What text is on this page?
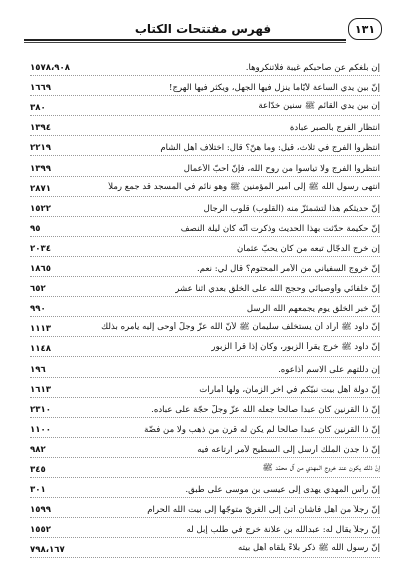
فهرس مفتتحات الكتاب	١٣١
إن بلغكم عن صاحبكم غيبة فلاتنكروها.
١٥٧٨،٩٠٨
إنّ بين يدي الساعة لأيّاماً ينزل فيها الجهل، ويكثر فيها الهرج!
١٦٦٩
إن بين يدي القائم ﷺ سنين خدّاعة
٣٨٠
انتظار الفرج بالصبر عبادة
١٣٩٤
انتظروا الفرج في ثلاث، قيل: وما هنّ؟ قال: اختلاف أهل الشام
٢٢١٩
انتظروا الفرج ولا تيأسوا من روح الله، فإنّ أحبّ الأعمال
١٣٩٩
انتهى رسول الله ﷺ إلى أمير المؤمنين ﷺ وهو نائم في المسجد قد جمع رملاً
٢٨٧١
إنّ حديثكم هذا لتشمئزّ منه (القلوب) قلوب الرجال
١٥٢٢
إنّ حكيمة حدّثت بهذا الحديث وذكرت أنّه كان ليلة النصف
٩٥
إن خرج الدجّال تبعه من كان يحبّ عثمان
٢٠٣٤
إنّ خروج السفياني من الأمر المحتوم؟ قال لي: نعم.
١٨٦٥
إنّ خلفائي وأوصيائي وحجج الله على الخلق بعدي اثنا عشر
٦٥٢
إنّ خبر الخلق يوم يجمعهم الله الرسل
٩٩٠
إنّ داود ﷺ أراد أن يستخلف سليمان ﷺ لأنّ الله عزّ وجلّ أوحى إليه يأمره بذلك
١١١٣
إنّ داود ﷺ خرج يقرأ الزبور، وكان إذا قرأ الزبور
١١٤٨
إن دللتهم على الاسم أذاعوه.
١٩٦
إنّ دولة أهل بيت نبيّكم في آخر الزمان، ولها أمارات
١٦١٣
إنّ ذا القرنين كان عبداً صالحاً جعله الله عزّ وجلّ حجّة على عباده.
٢٣١٠
إنّ ذا القرنين كان عبداً صالحاً لم يكن له قرن من ذهب ولا من فضّة
١١٠٠
إنّ ذا جدن الملك أرسل إلى السطيح لأمر ارتاعه فيه
٩٨٢
إنّ ذلك يكون عند خروج المهدي من آل محمّد ﷺ
٣٤٥
إنّ رأس المهدي يهدى إلى عيسى بن موسى على طبق.
٣٠١
إنّ رجلاً من أهل فاشان أتىٰ إلى الغريّ متوجّهاً إلى بيت الله الحرام
١٥٩٩
إنّ رجلاً يقال له: عبدالله بن علانة خرج في طلب إبل له
١٥٥٢
إنّ رسول الله ﷺ ذكر بلاءً يلقاه أهل بيته
٧٩٨،١٦٧
